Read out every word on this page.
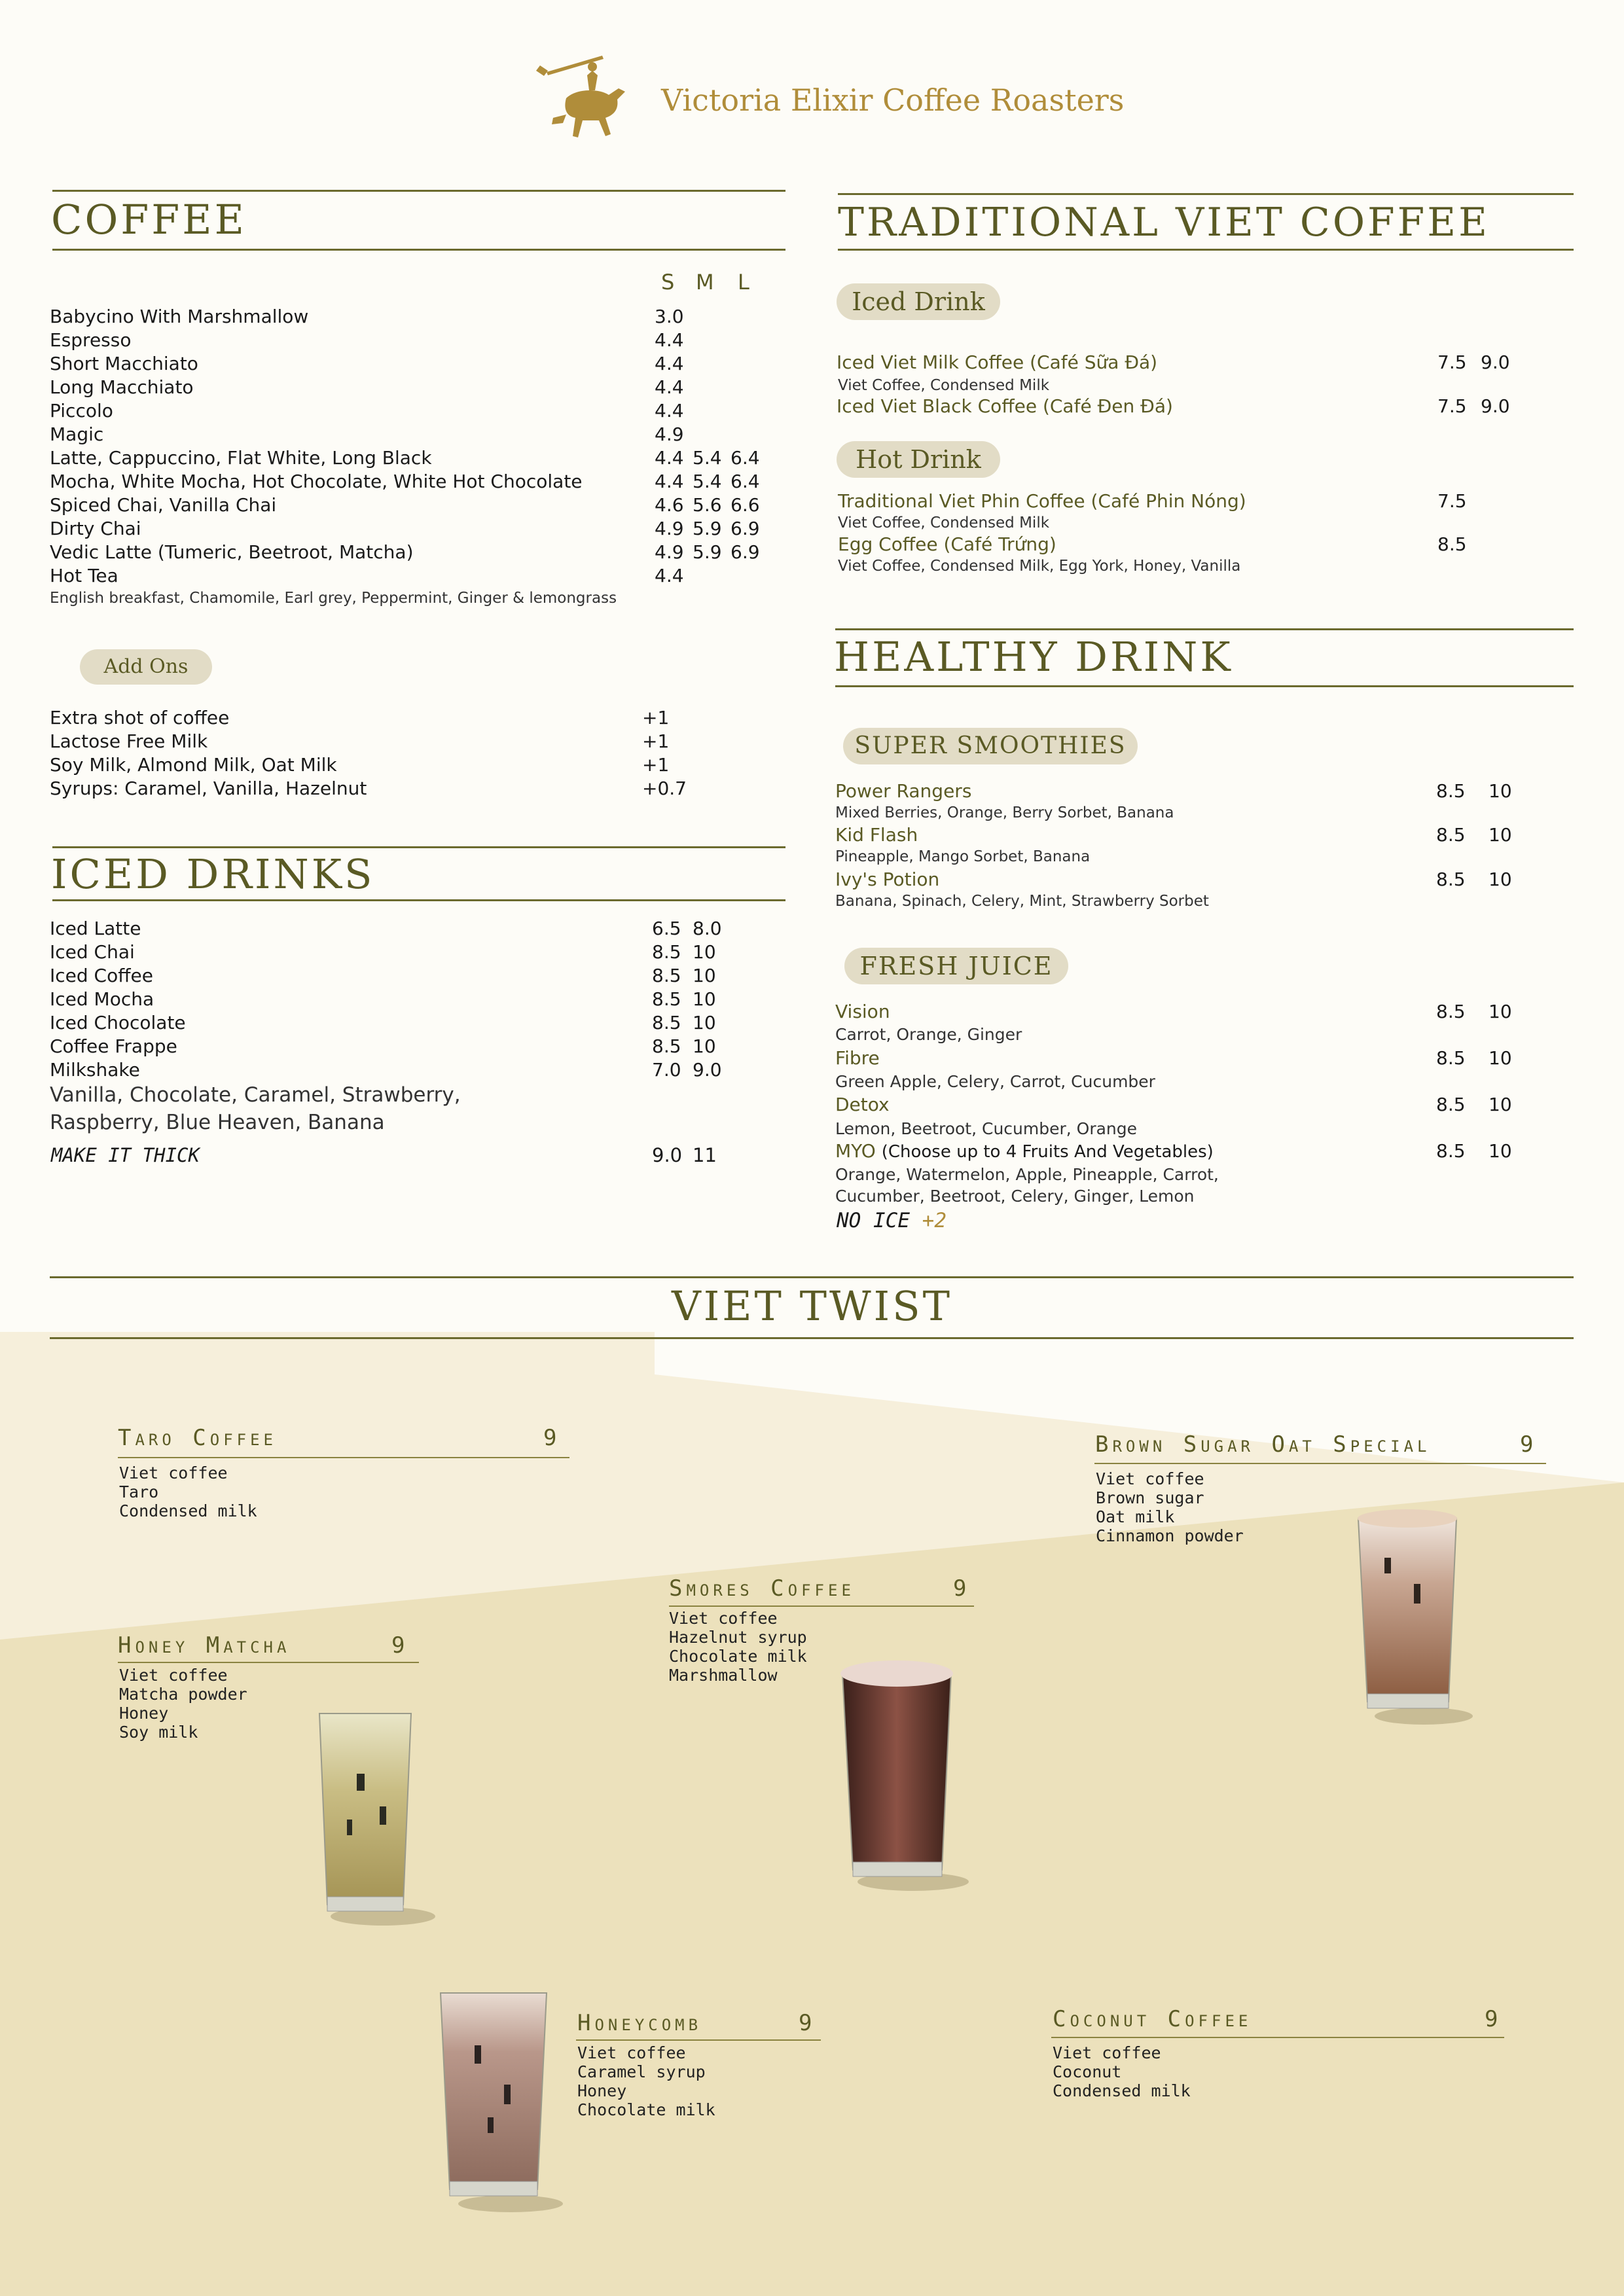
Victoria Elixir Coffee Roasters
COFFEE
S M L
Babycino With Marshmallow	3.0
Espresso	4.4
Short Macchiato	4.4
Long Macchiato	4.4
Piccolo	4.4
Magic	4.9
Latte, Cappuccino, Flat White, Long Black	4.4 5.4 6.4
Mocha, White Mocha, Hot Chocolate, White Hot Chocolate	4.4 5.4 6.4
Spiced Chai, Vanilla Chai	4.6 5.6 6.6
Dirty Chai	4.9 5.9 6.9
Vedic Latte (Tumeric, Beetroot, Matcha)	4.9 5.9 6.9
Hot Tea	4.4
English breakfast, Chamomile, Earl grey, Peppermint, Ginger & lemongrass
Add Ons
Extra shot of coffee	+1
Lactose Free Milk	+1
Soy Milk, Almond Milk, Oat Milk	+1
Syrups: Caramel, Vanilla, Hazelnut	+0.7
ICED DRINKS
Iced Latte	6.5 8.0
Iced Chai	8.5 10
Iced Coffee	8.5 10
Iced Mocha	8.5 10
Iced Chocolate	8.5 10
Coffee Frappe	8.5 10
Milkshake	7.0 9.0
Vanilla, Chocolate, Caramel, Strawberry,
Raspberry, Blue Heaven, Banana
MAKE IT THICK	9.0 11
TRADITIONAL VIET COFFEE
Iced Drink
Iced Viet Milk Coffee (Café Sữa Đá)	7.5 9.0
Viet Coffee, Condensed Milk
Iced Viet Black Coffee (Café Đen Đá)	7.5 9.0
Hot Drink
Traditional Viet Phin Coffee (Café Phin Nóng)	7.5
Viet Coffee, Condensed Milk
Egg Coffee (Café Trứng)	8.5
Viet Coffee, Condensed Milk, Egg York, Honey, Vanilla
HEALTHY DRINK
SUPER SMOOTHIES
Power Rangers	8.5 10
Mixed Berries, Orange, Berry Sorbet, Banana
Kid Flash	8.5 10
Pineapple, Mango Sorbet, Banana
Ivy's Potion	8.5 10
Banana, Spinach, Celery, Mint, Strawberry Sorbet
FRESH JUICE
Vision	8.5 10
Carrot, Orange, Ginger
Fibre	8.5 10
Green Apple, Celery, Carrot, Cucumber
Detox	8.5 10
Lemon, Beetroot, Cucumber, Orange
MYO (Choose up to 4 Fruits And Vegetables)	8.5 10
Orange, Watermelon, Apple, Pineapple, Carrot,
Cucumber, Beetroot, Celery, Ginger, Lemon
NO ICE +2
VIET TWIST
Taro Coffee	9
Viet coffee
Taro
Condensed milk
Brown Sugar Oat Special	9
Viet coffee
Brown sugar
Oat milk
Cinnamon powder
Smores Coffee	9
Viet coffee
Hazelnut syrup
Chocolate milk
Marshmallow
Honey Matcha	9
Viet coffee
Matcha powder
Honey
Soy milk
Honeycomb	9
Viet coffee
Caramel syrup
Honey
Chocolate milk
Coconut Coffee	9
Viet coffee
Coconut
Condensed milk
